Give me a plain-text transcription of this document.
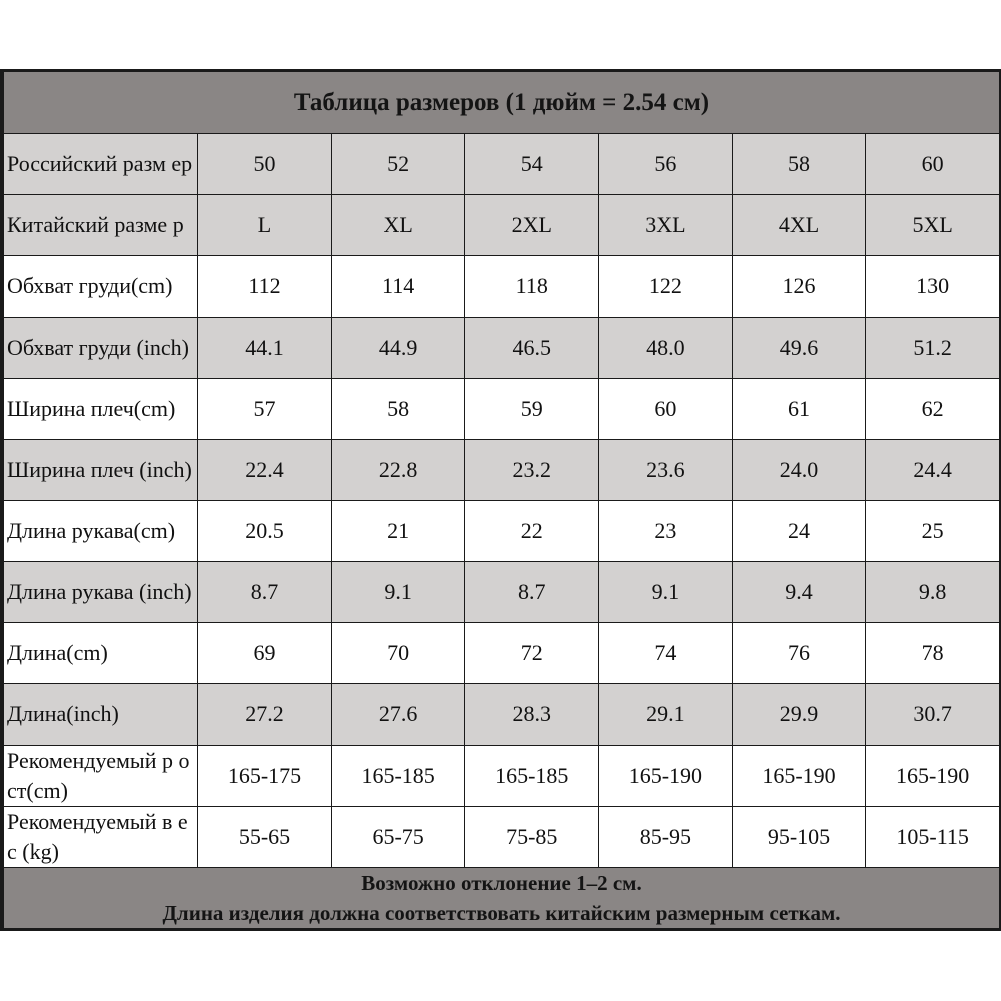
Таблица размеров (1 дюйм = 2.54 см)						
Российский разм ер	50	52	54	56	58	60
Китайский разме р	L	XL	2XL	3XL	4XL	5XL
Обхват груди(cm)	112	114	118	122	126	130
Обхват груди (inch)	44.1	44.9	46.5	48.0	49.6	51.2
Ширина плеч(cm)	57	58	59	60	61	62
Ширина плеч (inch)	22.4	22.8	23.2	23.6	24.0	24.4
Длина рукава(cm)	20.5	21	22	23	24	25
Длина рукава (inch)	8.7	9.1	8.7	9.1	9.4	9.8
Длина(cm)	69	70	72	74	76	78
Длина(inch)	27.2	27.6	28.3	29.1	29.9	30.7
Рекомендуемый р ост(cm)	165-175	165-185	165-185	165-190	165-190	165-190
Рекомендуемый в ес (kg)	55-65	65-75	75-85	85-95	95-105	105-115

Возможно отклонение 1–2 см.
Длина изделия должна соответствовать китайским размерным сеткам.						
